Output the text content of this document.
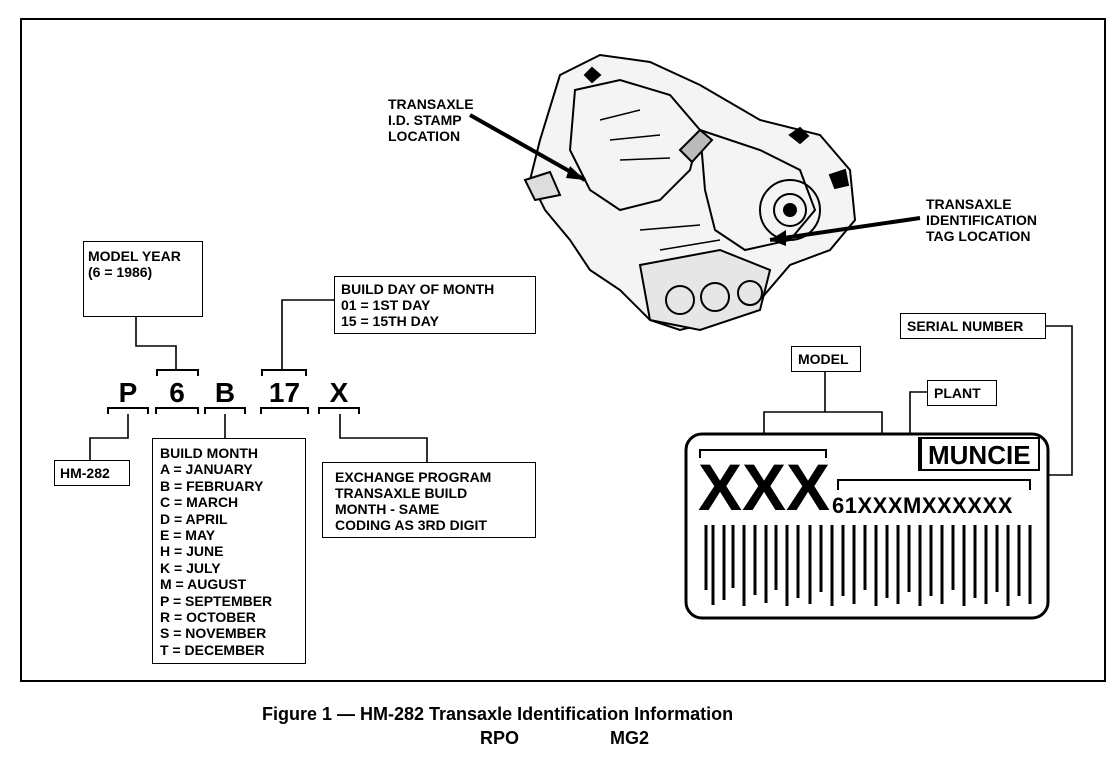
TRANSAXLE
I.D. STAMP
LOCATION
TRANSAXLE
IDENTIFICATION
TAG LOCATION
MODEL YEAR
(6 = 1986)
BUILD DAY OF MONTH
01 = 1ST DAY
15 = 15TH DAY
P	6	B	17	X
HM-282
BUILD MONTH
A = JANUARY
B = FEBRUARY
C = MARCH
D = APRIL
E = MAY
H = JUNE
K = JULY
M = AUGUST
P = SEPTEMBER
R = OCTOBER
S = NOVEMBER
T = DECEMBER
EXCHANGE PROGRAM
TRANSAXLE BUILD
MONTH - SAME
CODING AS 3RD DIGIT
SERIAL NUMBER
MODEL
PLANT
XXX	MUNCIE
61XXXMXXXXXX
Figure 1 — HM-282 Transaxle Identification Information
RPO	MG2
